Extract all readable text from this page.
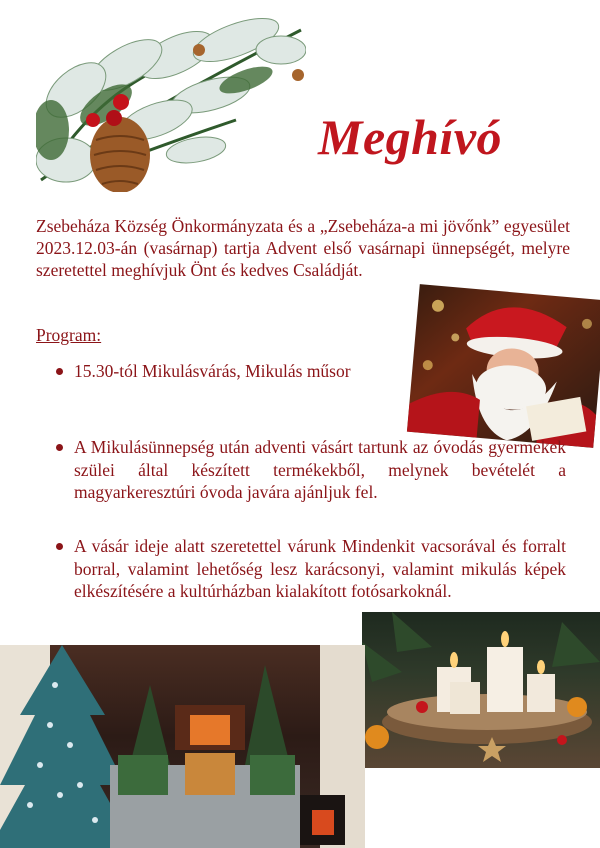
Meghívó

Zsebeháza Község Önkormányzata és a „Zsebeháza-a mi jövőnk” egyesület 2023.12.03-án (vasárnap) tartja Advent első vasárnapi ünnepségét, melyre szeretettel meghívjuk Önt és kedves Családját.

Program:
15.30-tól Mikulásvárás, Mikulás műsor
A Mikulásünnepség után adventi vásárt tartunk az óvodás gyermekek szülei által készített termékekből, melynek bevételét a magyarkeresztúri óvoda javára ajánljuk fel.
A vásár ideje alatt szeretettel várunk Mindenkit vacsorával és forralt borral, valamint lehetőség lesz karácsonyi, valamint mikulás képek elkészítésére a kultúrházban kialakított fotósarkoknál.
